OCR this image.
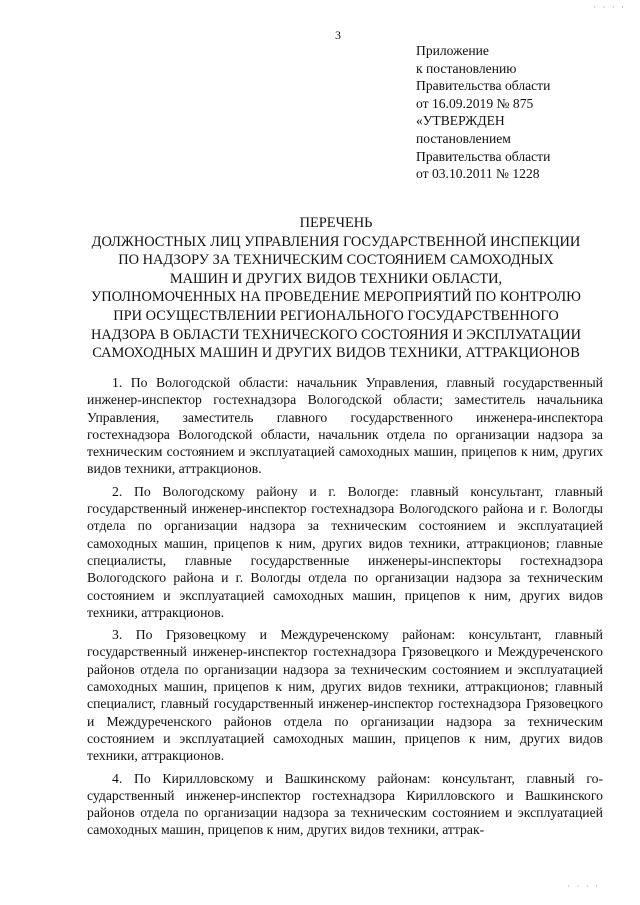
· · · ·
3
Приложение
к постановлению
Правительства области
от 16.09.2019 № 875
«УТВЕРЖДЕН
постановлением
Правительства области
от 03.10.2011 № 1228
ПЕРЕЧЕНЬ
ДОЛЖНОСТНЫХ ЛИЦ УПРАВЛЕНИЯ ГОСУДАРСТВЕННОЙ ИНСПЕКЦИИ
ПО НАДЗОРУ ЗА ТЕХНИЧЕСКИМ СОСТОЯНИЕМ САМОХОДНЫХ
МАШИН И ДРУГИХ ВИДОВ ТЕХНИКИ ОБЛАСТИ,
УПОЛНОМОЧЕННЫХ НА ПРОВЕДЕНИЕ МЕРОПРИЯТИЙ ПО КОНТРОЛЮ
ПРИ ОСУЩЕСТВЛЕНИИ РЕГИОНАЛЬНОГО ГОСУДАРСТВЕННОГО
НАДЗОРА В ОБЛАСТИ ТЕХНИЧЕСКОГО СОСТОЯНИЯ И ЭКСПЛУАТАЦИИ
САМОХОДНЫХ МАШИН И ДРУГИХ ВИДОВ ТЕХНИКИ, АТТРАКЦИОНОВ

1. По Вологодской области: начальник Управления, главный государственный инженер-инспектор гостехнадзора Вологодской области; заместитель начальника Управления, заместитель главного государственного инженера-инспектора гостехнадзора Вологодской области, начальник отдела по организации надзора за техническим состоянием и эксплуатацией самоходных машин, прицепов к ним, других видов техники, аттракционов.

2. По Вологодскому району и г. Вологде: главный консультант, главный государственный инженер-инспектор гостехнадзора Вологодского района и г. Вологды отдела по организации надзора за техническим состоянием и эксплуатацией самоходных машин, прицепов к ним, других видов техники, аттракционов; главные специалисты, главные государственные инженеры-инспекторы гостехнадзора Вологодского района и г. Вологды отдела по организации надзора за техническим состоянием и эксплуатацией самоходных машин, прицепов к ним, других видов техники, аттракционов.

3. По Грязовецкому и Междуреченскому районам: консультант, главный государственный инженер-инспектор гостехнадзора Грязовецкого и Междуреченского районов отдела по организации надзора за техническим состоянием и эксплуатацией самоходных машин, прицепов к ним, других видов техники, аттракционов; главный специалист, главный государственный инженер-инспектор гостехнадзора Грязовецкого и Междуреченского районов отдела по организации надзора за техническим состоянием и эксплуатацией самоходных машин, прицепов к ним, других видов техники, аттракционов.

4. По Кирилловскому и Вашкинскому районам: консультант, главный государственный инженер-инспектор гостехнадзора Кирилловского и Вашкинского районов отдела по организации надзора за техническим состоянием и эксплуатацией самоходных машин, прицепов к ним, других видов техники, аттрак-

· · · ·
